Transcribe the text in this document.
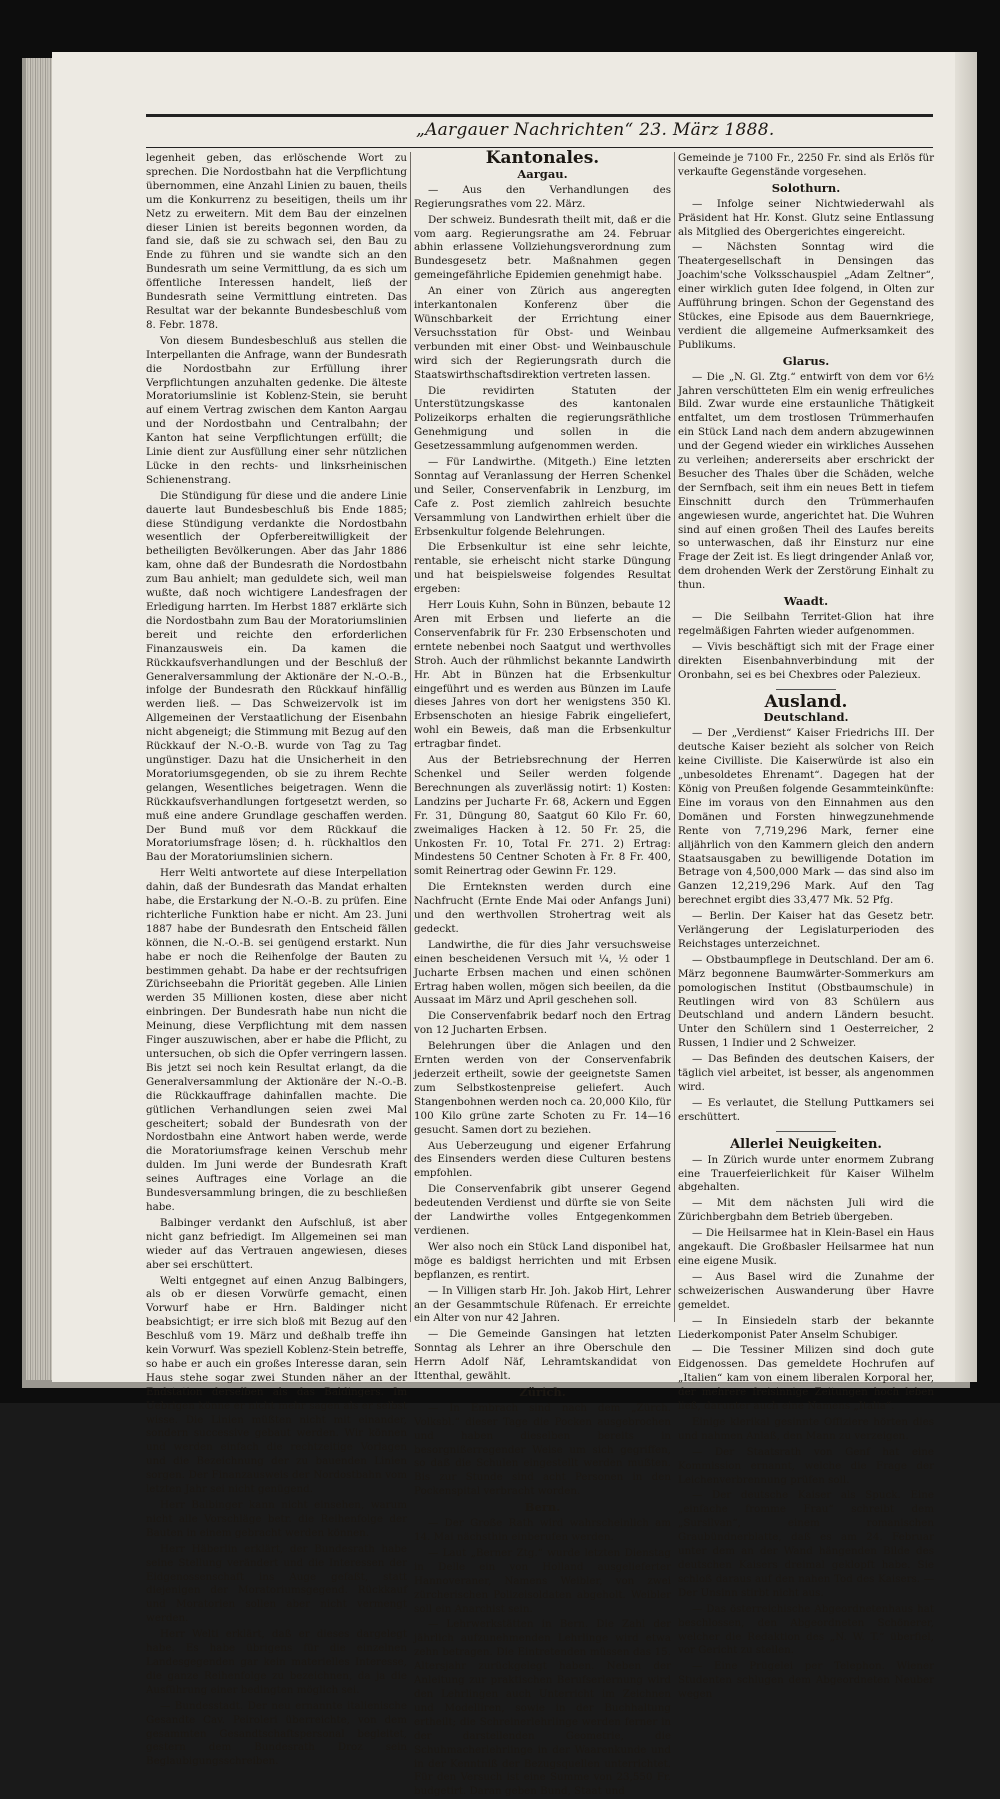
„Aargauer Nachrichten“ 23. März 1888.

legenheit geben, das erlöschende Wort zu sprechen. Die Nordostbahn hat die Verpflichtung übernommen, eine Anzahl Linien zu bauen, theils um die Konkurrenz zu beseitigen, theils um ihr Netz zu erweitern. Mit dem Bau der einzelnen dieser Linien ist bereits begonnen worden, da fand sie, daß sie zu schwach sei, den Bau zu Ende zu führen und sie wandte sich an den Bundesrath um seine Vermittlung, da es sich um öffentliche Interessen handelt, ließ der Bundesrath seine Vermittlung eintreten. Das Resultat war der bekannte Bundesbeschluß vom 8. Febr. 1878.

Von diesem Bundesbeschluß aus stellen die Interpellanten die Anfrage, wann der Bundesrath die Nordostbahn zur Erfüllung ihrer Verpflichtungen anzuhalten gedenke. Die älteste Moratoriumslinie ist Koblenz-Stein, sie beruht auf einem Vertrag zwischen dem Kanton Aargau und der Nordostbahn und Centralbahn; der Kanton hat seine Verpflichtungen erfüllt; die Linie dient zur Ausfüllung einer sehr nützlichen Lücke in den rechts- und linksrheinischen Schienenstrang.

Die Stündigung für diese und die andere Linie dauerte laut Bundesbeschluß bis Ende 1885; diese Stündigung verdankte die Nordostbahn wesentlich der Opferbereitwilligkeit der betheiligten Bevölkerungen. Aber das Jahr 1886 kam, ohne daß der Bundesrath die Nordostbahn zum Bau anhielt; man geduldete sich, weil man wußte, daß noch wichtigere Landesfragen der Erledigung harrten. Im Herbst 1887 erklärte sich die Nordostbahn zum Bau der Moratoriumslinien bereit und reichte den erforderlichen Finanzausweis ein. Da kamen die Rückkaufsverhandlungen und der Beschluß der Generalversammlung der Aktionäre der N.-O.-B., infolge der Bundesrath den Rückkauf hinfällig werden ließ. — Das Schweizervolk ist im Allgemeinen der Verstaatlichung der Eisenbahn nicht abgeneigt; die Stimmung mit Bezug auf den Rückkauf der N.-O.-B. wurde von Tag zu Tag ungünstiger. Dazu hat die Unsicherheit in den Moratoriumsgegenden, ob sie zu ihrem Rechte gelangen, Wesentliches beigetragen. Wenn die Rückkaufsverhandlungen fortgesetzt werden, so muß eine andere Grundlage geschaffen werden. Der Bund muß vor dem Rückkauf die Moratoriumsfrage lösen; d. h. rückhaltlos den Bau der Moratoriumslinien sichern.

Herr Welti antwortete auf diese Interpellation dahin, daß der Bundesrath das Mandat erhalten habe, die Erstarkung der N.-O.-B. zu prüfen. Eine richterliche Funktion habe er nicht. Am 23. Juni 1887 habe der Bundesrath den Entscheid fällen können, die N.-O.-B. sei genügend erstarkt. Nun habe er noch die Reihenfolge der Bauten zu bestimmen gehabt. Da habe er der rechtsufrigen Zürichseebahn die Priorität gegeben. Alle Linien werden 35 Millionen kosten, diese aber nicht einbringen. Der Bundesrath habe nun nicht die Meinung, diese Verpflichtung mit dem nassen Finger auszuwischen, aber er habe die Pflicht, zu untersuchen, ob sich die Opfer verringern lassen. Bis jetzt sei noch kein Resultat erlangt, da die Generalversammlung der Aktionäre der N.-O.-B. die Rückkauffrage dahinfallen machte. Die gütlichen Verhandlungen seien zwei Mal gescheitert; sobald der Bundesrath von der Nordostbahn eine Antwort haben werde, werde die Moratoriumsfrage keinen Verschub mehr dulden. Im Juni werde der Bundesrath Kraft seines Auftrages eine Vorlage an die Bundesversammlung bringen, die zu beschließen habe.

Balbinger verdankt den Aufschluß, ist aber nicht ganz befriedigt. Im Allgemeinen sei man wieder auf das Vertrauen angewiesen, dieses aber sei erschüttert.

Welti entgegnet auf einen Anzug Balbingers, als ob er diesen Vorwürfe gemacht, einen Vorwurf habe er Hrn. Baldinger nicht beabsichtigt; er irre sich bloß mit Bezug auf den Beschluß vom 19. März und deßhalb treffe ihn kein Vorwurf. Was speziell Koblenz-Stein betreffe, so habe er auch ein großes Interesse daran, sein Haus stehe sogar zwei Stunden näher an der Endstation derselben als das Baldingers. Im Uebrigen könne er nicht mehr sagen als er selbst wisse. Die Linien müßten nicht mit einander, sondern successive gebaut werden. Wir können und werden einfach die rechtzeitige Vorlagen und die Bezeichnung der zu bauenden Linien sorgen. Der Finanzausweis der Nordostbahn vom letzten Jahr sei nicht genügend.

Herr Balbinger kann nicht einsehen, warum nicht alle Vorschläge betr. die Reihenfolge der Bauten in einem gebracht werden können.

Herr Häberlin erklärt, der Bundesrath habe seine Stellung verändert und die Interessen der Eidgenossenschaft ins Auge gefaßt, statt diejenigen der Moratoriumsgegend. Rückkauf und Moratorien sollen aber nicht vermengt werden.

Herr Welti erklärt, daß er dieses dargelegt habe. Es habe übrigens für die einzelnen Landesgegenden gar kein materielles Interesse, die ganze Reihenfolge zu bezeichnen, da ja die Ausführung einer bedingten möglich sei.

— Bundesstadt. Der neu ernannte italienische Gesandte Cav. Peiroleri überreichte, von dem gesammten Gesandtschaftspersonal begleitet, gestern dem Bundesrath Droz sein Beglaubigungsschreiben.

Kantonales.

Aargau.

— Aus den Verhandlungen des Regierungsrathes vom 22. März.

Der schweiz. Bundesrath theilt mit, daß er die vom aarg. Regierungsrathe am 24. Februar abhin erlassene Vollziehungsverordnung zum Bundesgesetz betr. Maßnahmen gegen gemeingefährliche Epidemien genehmigt habe.

An einer von Zürich aus angeregten interkantonalen Konferenz über die Wünschbarkeit der Errichtung einer Versuchsstation für Obst- und Weinbau verbunden mit einer Obst- und Weinbauschule wird sich der Regierungsrath durch die Staatswirthschaftsdirektion vertreten lassen.

Die revidirten Statuten der Unterstützungskasse des kantonalen Polizeikorps erhalten die regierungsräthliche Genehmigung und sollen in die Gesetzessammlung aufgenommen werden.

— Für Landwirthe. (Mitgeth.) Eine letzten Sonntag auf Veranlassung der Herren Schenkel und Seiler, Conservenfabrik in Lenzburg, im Cafe z. Post ziemlich zahlreich besuchte Versammlung von Landwirthen erhielt über die Erbsenkultur folgende Belehrungen.

Die Erbsenkultur ist eine sehr leichte, rentable, sie erheischt nicht starke Düngung und hat beispielsweise folgendes Resultat ergeben:

Herr Louis Kuhn, Sohn in Bünzen, bebaute 12 Aren mit Erbsen und lieferte an die Conservenfabrik für Fr. 230 Erbsenschoten und erntete nebenbei noch Saatgut und werthvolles Stroh. Auch der rühmlichst bekannte Landwirth Hr. Abt in Bünzen hat die Erbsenkultur eingeführt und es werden aus Bünzen im Laufe dieses Jahres von dort her wenigstens 350 Kl. Erbsenschoten an hiesige Fabrik eingeliefert, wohl ein Beweis, daß man die Erbsenkultur ertragbar findet.

Aus der Betriebsrechnung der Herren Schenkel und Seiler werden folgende Berechnungen als zuverlässig notirt: 1) Kosten: Landzins per Jucharte Fr. 68, Ackern und Eggen Fr. 31, Düngung 80, Saatgut 60 Kilo Fr. 60, zweimaliges Hacken à 12. 50 Fr. 25, die Unkosten Fr. 10, Total Fr. 271. 2) Ertrag: Mindestens 50 Centner Schoten à Fr. 8 Fr. 400, somit Reinertrag oder Gewinn Fr. 129.

Die Ernteknsten werden durch eine Nachfrucht (Ernte Ende Mai oder Anfangs Juni) und den werthvollen Strohertrag weit als gedeckt.

Landwirthe, die für dies Jahr versuchsweise einen bescheidenen Versuch mit ¼, ½ oder 1 Jucharte Erbsen machen und einen schönen Ertrag haben wollen, mögen sich beeilen, da die Aussaat im März und April geschehen soll.

Die Conservenfabrik bedarf noch den Ertrag von 12 Jucharten Erbsen.

Belehrungen über die Anlagen und den Ernten werden von der Conservenfabrik jederzeit ertheilt, sowie der geeignetste Samen zum Selbstkostenpreise geliefert. Auch Stangenbohnen werden noch ca. 20,000 Kilo, für 100 Kilo grüne zarte Schoten zu Fr. 14—16 gesucht. Samen dort zu beziehen.

Aus Ueberzeugung und eigener Erfahrung des Einsenders werden diese Culturen bestens empfohlen.

Die Conservenfabrik gibt unserer Gegend bedeutenden Verdienst und dürfte sie von Seite der Landwirthe volles Entgegenkommen verdienen.

Wer also noch ein Stück Land disponibel hat, möge es baldigst herrichten und mit Erbsen bepflanzen, es rentirt.

— In Villigen starb Hr. Joh. Jakob Hirt, Lehrer an der Gesammtschule Rüfenach. Er erreichte ein Alter von nur 42 Jahren.

— Die Gemeinde Gansingen hat letzten Sonntag als Lehrer an ihre Oberschule den Herrn Adolf Näf, Lehramtskandidat von Ittenthal, gewählt.

Zürich.

— In Embrach sind nach dem „Zürch. Volksbl.“ dieser Tage die Pocken ausgebrochen und haben dieselben bereits in besorgnißerregender Weise um sich gegriffen, so daß die Schulen eingestellt werden mußten. Bis zur Stunde sind acht Personen in den Pockenspital verbracht worden.

Bern.

— Der Große Rath wird wahrscheinlich am 14. Mai nächsthin einberufen werden.

— Laut „Berner Ztg.“ wurde letzten Dienstag in Delle ein von Holland ausgelieferter Hannoveraner, Namens Weibler, von zwei zürcherischen Polizeisoldaten abgeholt. Weibler soll ein Anarchist sein.

— Lehrwerkstätten in Bern. Die Zahl der jährlich aufzunehmenden Lehrlinge wird etwa zehn betragen. Die Eintretenden müssen das 15. Altersjahr zurückgelegt haben. Neben der Anleitung zur praktischen Berufserlernung wird den Lehrlingen auch Unterricht im Zeichnen und Modelliren, sowie in der Buchhaltung ertheilt; die Schreinerlehrlinge werden ferner in der darstellenden Geometrie, die Schuhmacherlehrlinge in der Waarenkunde und in der Kenntniß der Bezugsquellen unterrichtet. Für den Versuch ist eine Summe von 23,550 Fr. budgetirt. Daran geben Bund, Staat und

Gemeinde je 7100 Fr., 2250 Fr. sind als Erlös für verkaufte Gegenstände vorgesehen.

Solothurn.

— Infolge seiner Nichtwiederwahl als Präsident hat Hr. Konst. Glutz seine Entlassung als Mitglied des Obergerichtes eingereicht.

— Nächsten Sonntag wird die Theatergesellschaft in Densingen das Joachim'sche Volksschauspiel „Adam Zeltner“, einer wirklich guten Idee folgend, in Olten zur Aufführung bringen. Schon der Gegenstand des Stückes, eine Episode aus dem Bauernkriege, verdient die allgemeine Aufmerksamkeit des Publikums.

Glarus.

— Die „N. Gl. Ztg.“ entwirft von dem vor 6½ Jahren verschütteten Elm ein wenig erfreuliches Bild. Zwar wurde eine erstaunliche Thätigkeit entfaltet, um dem trostlosen Trümmerhaufen ein Stück Land nach dem andern abzugewinnen und der Gegend wieder ein wirkliches Aussehen zu verleihen; andererseits aber erschrickt der Besucher des Thales über die Schäden, welche der Sernfbach, seit ihm ein neues Bett in tiefem Einschnitt durch den Trümmerhaufen angewiesen wurde, angerichtet hat. Die Wuhren sind auf einen großen Theil des Laufes bereits so unterwaschen, daß ihr Einsturz nur eine Frage der Zeit ist. Es liegt dringender Anlaß vor, dem drohenden Werk der Zerstörung Einhalt zu thun.

Waadt.

— Die Seilbahn Territet-Glion hat ihre regelmäßigen Fahrten wieder aufgenommen.

— Vivis beschäftigt sich mit der Frage einer direkten Eisenbahnverbindung mit der Oronbahn, sei es bei Chexbres oder Palezieux.

Ausland.

Deutschland.

— Der „Verdienst“ Kaiser Friedrichs III. Der deutsche Kaiser bezieht als solcher von Reich keine Civilliste. Die Kaiserwürde ist also ein „unbesoldetes Ehrenamt“. Dagegen hat der König von Preußen folgende Gesammteinkünfte: Eine im voraus von den Einnahmen aus den Domänen und Forsten hinwegzunehmende Rente von 7,719,296 Mark, ferner eine alljährlich von den Kammern gleich den andern Staatsausgaben zu bewilligende Dotation im Betrage von 4,500,000 Mark — das sind also im Ganzen 12,219,296 Mark. Auf den Tag berechnet ergibt dies 33,477 Mk. 52 Pfg.

— Berlin. Der Kaiser hat das Gesetz betr. Verlängerung der Legislaturperioden des Reichstages unterzeichnet.

— Obstbaumpflege in Deutschland. Der am 6. März begonnene Baumwärter-Sommerkurs am pomologischen Institut (Obstbaumschule) in Reutlingen wird von 83 Schülern aus Deutschland und andern Ländern besucht. Unter den Schülern sind 1 Oesterreicher, 2 Russen, 1 Indier und 2 Schweizer.

— Das Befinden des deutschen Kaisers, der täglich viel arbeitet, ist besser, als angenommen wird.

— Es verlautet, die Stellung Puttkamers sei erschüttert.

Allerlei Neuigkeiten.

— In Zürich wurde unter enormem Zubrang eine Trauerfeierlichkeit für Kaiser Wilhelm abgehalten.

— Mit dem nächsten Juli wird die Zürichbergbahn dem Betrieb übergeben.

— Die Heilsarmee hat in Klein-Basel ein Haus angekauft. Die Großbasler Heilsarmee hat nun eine eigene Musik.

— Aus Basel wird die Zunahme der schweizerischen Auswanderung über Havre gemeldet.

— In Einsiedeln starb der bekannte Liederkomponist Pater Anselm Schubiger.

— Die Tessiner Milizen sind doch gute Eidgenossen. Das gemeldete Hochrufen auf „Italien“ kam von einem liberalen Korporal her, der mehrere freisinnige Zeitungen hoch leben ließ, darunter auch eine Namens „Italia“.

Einige klerikal gesinnte Offiziere hörten dies und nahmen Anlaß, den Mann zu verzeigen.

— Der Staatsrath von Genf hat eine Kommission ernannt, welche die Frage der Leichenverbrennung prüfen soll.

— Der deutsche Kaiser als Spuck. Eine „einfache fromme Frau“ schreibt dem „Sursilvan“, einem romanischen Graubündnerblatte, daß es am 24. Februar unter dem an der Wand hängenden Bilde des deutschen Kaisers dreimal geklopft habe. Sie schloß daraus auf den nahen Tod des Kaisers. — Der Unsinn stirbt nicht aus.

— Das österreichische Abgeordnetenhaus hat beschlossen, den Abgeordneten Schönerer, welcher die Redaktion des „N. W. T.“ überfiel, vor Gericht zu stellen.

— Eine Prügelei per Telephon. Wiener Studenten schlugen dem Abgeordneten Neuber wegen
